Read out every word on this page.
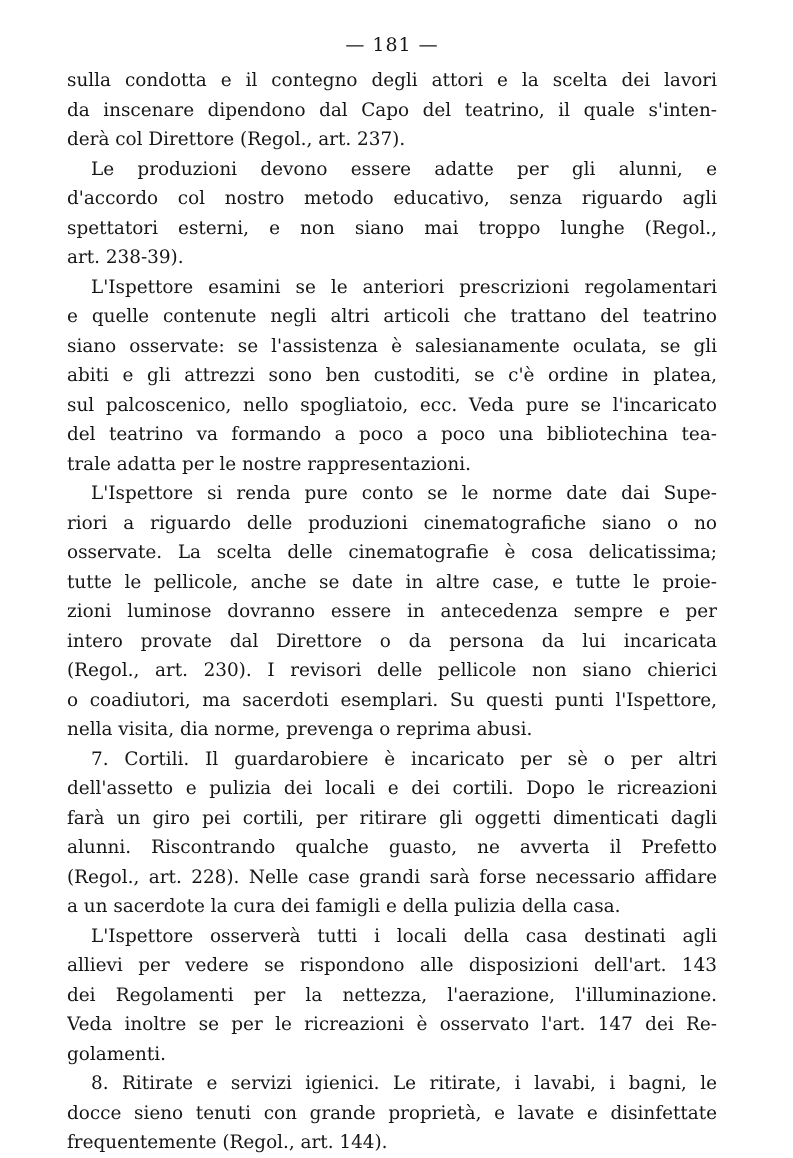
— 181 —
sulla condotta e il contegno degli attori e la scelta dei lavori
da inscenare dipendono dal Capo del teatrino, il quale s'inten-
derà col Direttore (Regol., art. 237).
Le produzioni devono essere adatte per gli alunni, e
d'accordo col nostro metodo educativo, senza riguardo agli
spettatori esterni, e non siano mai troppo lunghe (Regol.,
art. 238-39).
L'Ispettore esamini se le anteriori prescrizioni regolamentari
e quelle contenute negli altri articoli che trattano del teatrino
siano osservate: se l'assistenza è salesianamente oculata, se gli
abiti e gli attrezzi sono ben custoditi, se c'è ordine in platea,
sul palcoscenico, nello spogliatoio, ecc. Veda pure se l'incaricato
del teatrino va formando a poco a poco una bibliotechina tea-
trale adatta per le nostre rappresentazioni.
L'Ispettore si renda pure conto se le norme date dai Supe-
riori a riguardo delle produzioni cinematografiche siano o no
osservate. La scelta delle cinematografie è cosa delicatissima;
tutte le pellicole, anche se date in altre case, e tutte le proie-
zioni luminose dovranno essere in antecedenza sempre e per
intero provate dal Direttore o da persona da lui incaricata
(Regol., art. 230). I revisori delle pellicole non siano chierici
o coadiutori, ma sacerdoti esemplari. Su questi punti l'Ispettore,
nella visita, dia norme, prevenga o reprima abusi.
7. Cortili. Il guardarobiere è incaricato per sè o per altri
dell'assetto e pulizia dei locali e dei cortili. Dopo le ricreazioni
farà un giro pei cortili, per ritirare gli oggetti dimenticati dagli
alunni. Riscontrando qualche guasto, ne avverta il Prefetto
(Regol., art. 228). Nelle case grandi sarà forse necessario affidare
a un sacerdote la cura dei famigli e della pulizia della casa.
L'Ispettore osserverà tutti i locali della casa destinati agli
allievi per vedere se rispondono alle disposizioni dell'art. 143
dei Regolamenti per la nettezza, l'aerazione, l'illuminazione.
Veda inoltre se per le ricreazioni è osservato l'art. 147 dei Re-
golamenti.
8. Ritirate e servizi igienici. Le ritirate, i lavabi, i bagni, le
docce sieno tenuti con grande proprietà, e lavate e disinfettate
frequentemente (Regol., art. 144).
